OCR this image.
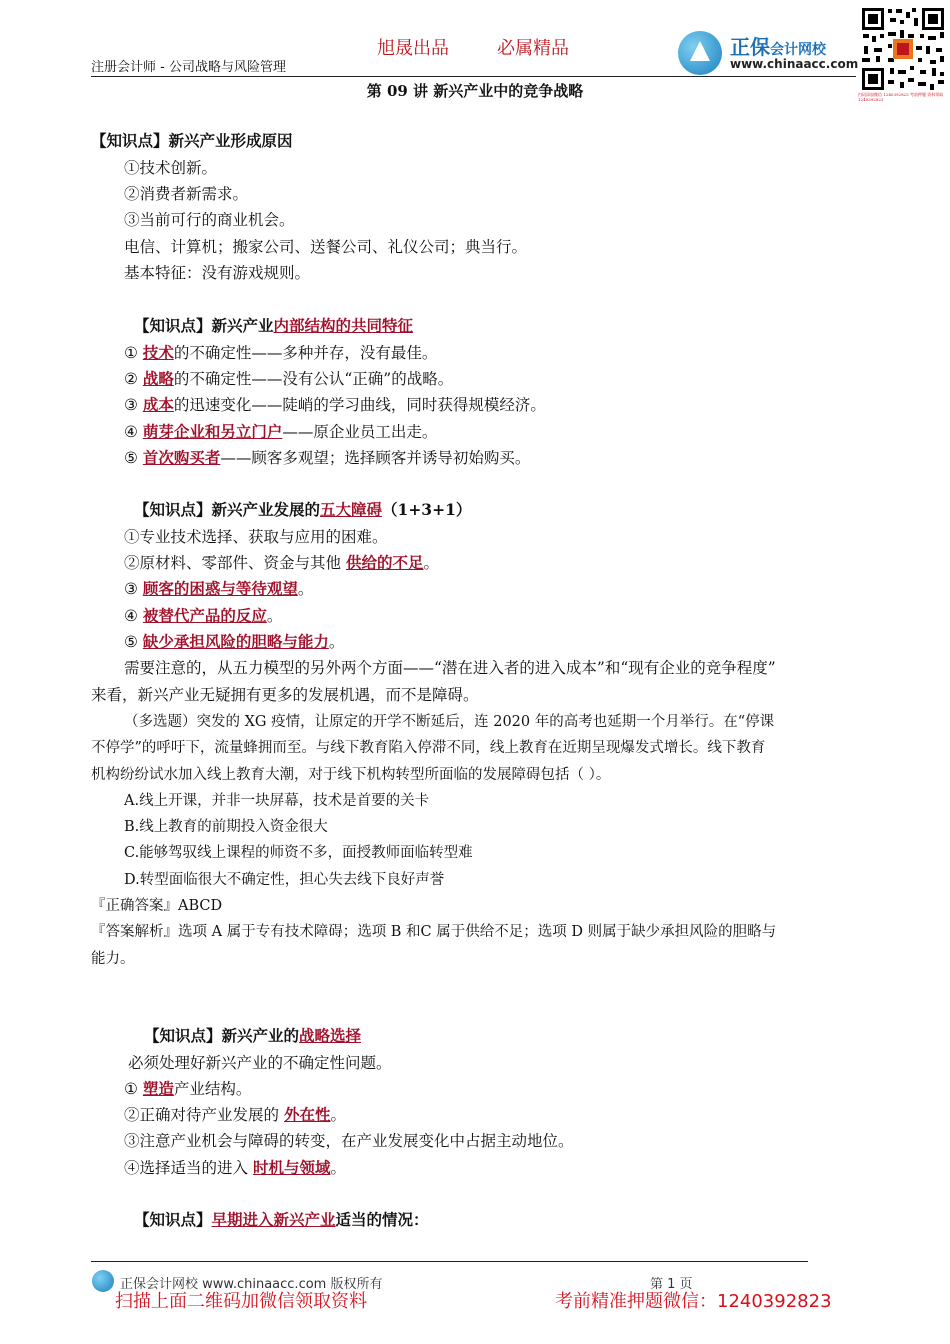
注册会计师 - 公司战略与风险管理
旭晟出品	必属精品	正保会计网校
www.chinaacc.com
扫码添加微信 1240392823 考前押题 资料领取 1240392823
第 09 讲 新兴产业中的竞争战略
【知识点】新兴产业形成原因
①技术创新。
②消费者新需求。
③当前可行的商业机会。
电信、计算机；搬家公司、送餐公司、礼仪公司；典当行。
基本特征：没有游戏规则。
【知识点】新兴产业内部结构的共同特征
① 技术的不确定性——多种并存，没有最佳。
② 战略的不确定性——没有公认“正确”的战略。
③ 成本的迅速变化——陡峭的学习曲线，同时获得规模经济。
④ 萌芽企业和另立门户——原企业员工出走。
⑤ 首次购买者——顾客多观望；选择顾客并诱导初始购买。
【知识点】新兴产业发展的五大障碍（1+3+1）
①专业技术选择、获取与应用的困难。
②原材料、零部件、资金与其他 供给的不足。
③ 顾客的困惑与等待观望。
④ 被替代产品的反应。
⑤ 缺少承担风险的胆略与能力。
需要注意的，从五力模型的另外两个方面——“潜在进入者的进入成本”和“现有企业的竞争程度”
来看，新兴产业无疑拥有更多的发展机遇，而不是障碍。
（多选题）突发的 XG 疫情，让原定的开学不断延后，连 2020 年的高考也延期一个月举行。在“停课
不停学”的呼吁下，流量蜂拥而至。与线下教育陷入停滞不同，线上教育在近期呈现爆发式增长。线下教育
机构纷纷试水加入线上教育大潮，对于线下机构转型所面临的发展障碍包括（ ）。
A.线上开课，并非一块屏幕，技术是首要的关卡
B.线上教育的前期投入资金很大
C.能够驾驭线上课程的师资不多，面授教师面临转型难
D.转型面临很大不确定性，担心失去线下良好声誉
『正确答案』ABCD
『答案解析』选项 A 属于专有技术障碍；选项 B 和C 属于供给不足；选项 D 则属于缺少承担风险的胆略与
能力。
【知识点】新兴产业的战略选择
必须处理好新兴产业的不确定性问题。
① 塑造产业结构。
②正确对待产业发展的 外在性。
③注意产业机会与障碍的转变，在产业发展变化中占据主动地位。
④选择适当的进入 时机与领域。
【知识点】早期进入新兴产业适当的情况：
正保会计网校 www.chinaacc.com 版权所有	第 1 页
扫描上面二维码加微信领取资料	考前精准押题微信：1240392823
